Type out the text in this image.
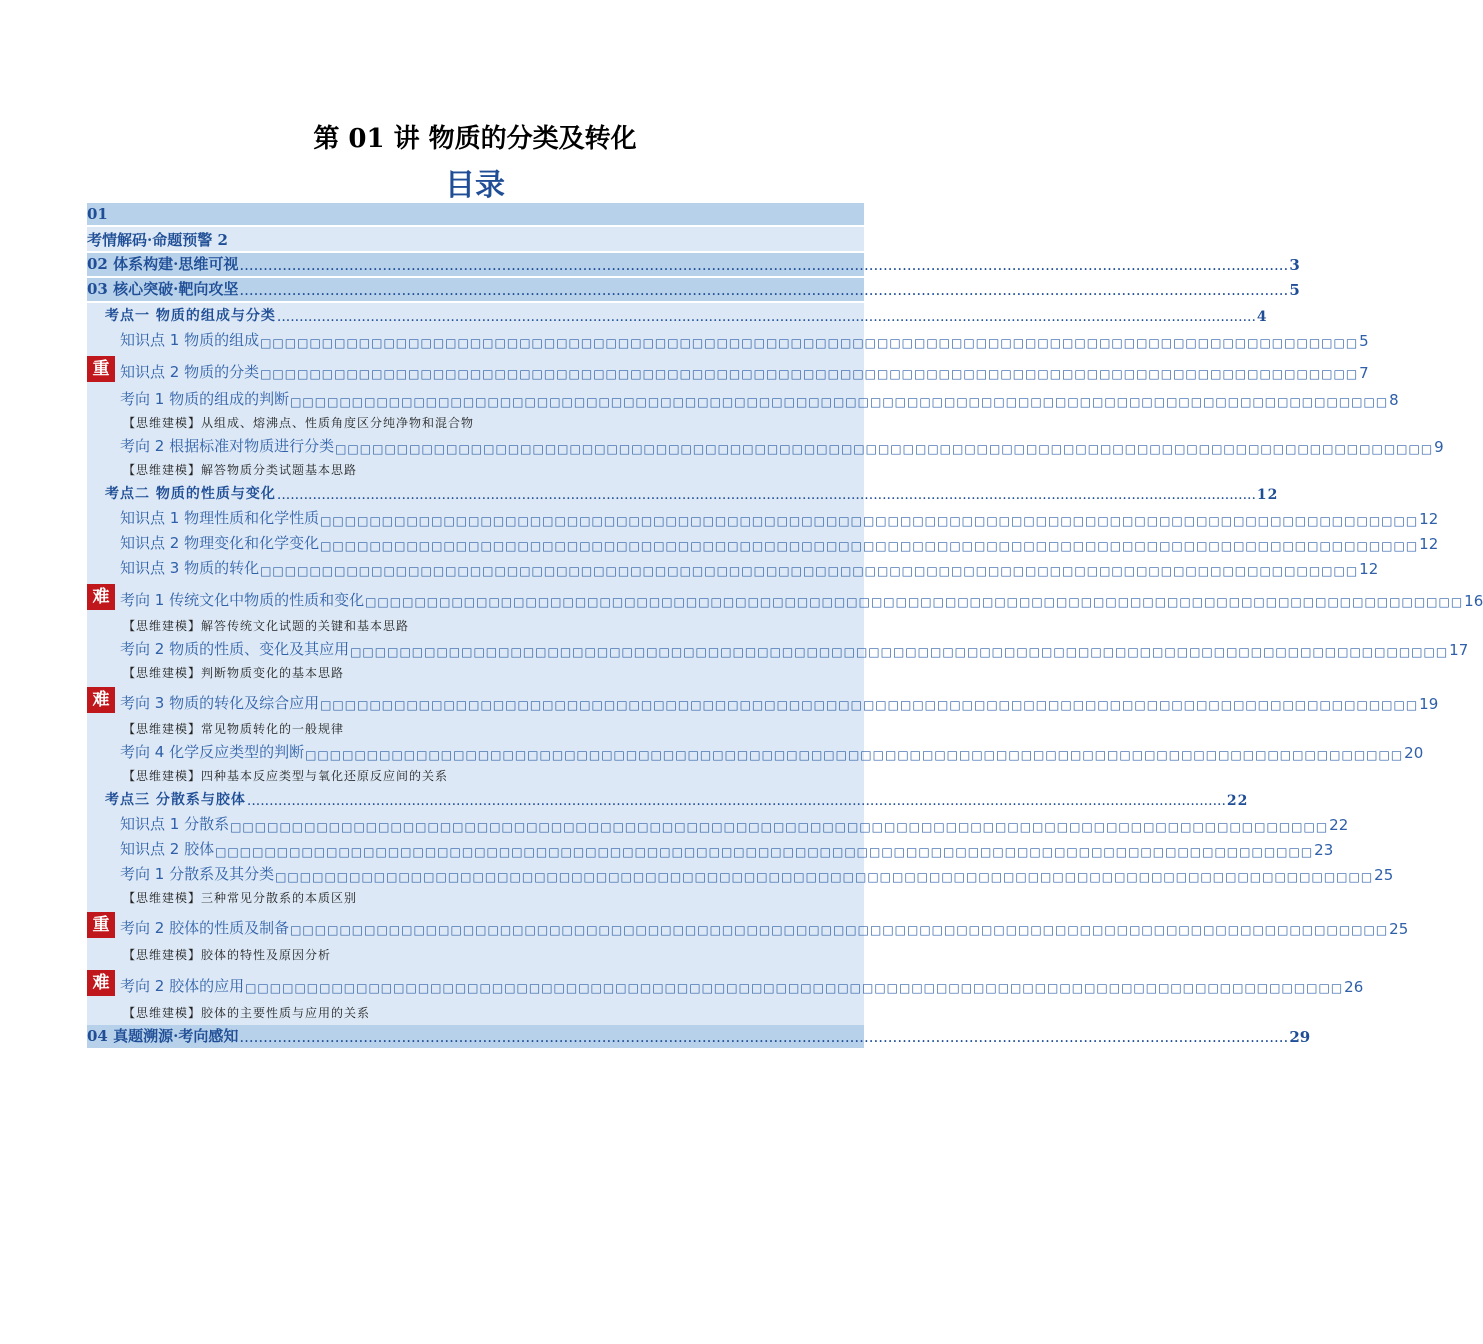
第 01 讲 物质的分类及转化
目录
01
考情解码·命题预警 2
02 体系构建·思维可视 ............................................................................................................................................................................................................................ 3
03 核心突破·靶向攻坚 ............................................................................................................................................................................................................................ 5
考点一 物质的组成与分类 ............................................................................................................................................................................................................................ 4
知识点 1 物质的组成 □□□□□□□□□□□□□□□□□□□□□□□□□□□□□□□□□□□□□□□□□□□□□□□□□□□□□□□□□□□□□□□□□□□□□□□□□□□□□□□□□□□□□□□□□ 5
重 知识点 2 物质的分类 □□□□□□□□□□□□□□□□□□□□□□□□□□□□□□□□□□□□□□□□□□□□□□□□□□□□□□□□□□□□□□□□□□□□□□□□□□□□□□□□□□□□□□□□□ 7
考向 1 物质的组成的判断 □□□□□□□□□□□□□□□□□□□□□□□□□□□□□□□□□□□□□□□□□□□□□□□□□□□□□□□□□□□□□□□□□□□□□□□□□□□□□□□□□□□□□□□□□ 8
【思维建模】从组成、熔沸点、性质角度区分纯净物和混合物
考向 2 根据标准对物质进行分类 □□□□□□□□□□□□□□□□□□□□□□□□□□□□□□□□□□□□□□□□□□□□□□□□□□□□□□□□□□□□□□□□□□□□□□□□□□□□□□□□□□□□□□□□□ 9
【思维建模】解答物质分类试题基本思路
考点二 物质的性质与变化 ............................................................................................................................................................................................................................ 12
知识点 1 物理性质和化学性质 □□□□□□□□□□□□□□□□□□□□□□□□□□□□□□□□□□□□□□□□□□□□□□□□□□□□□□□□□□□□□□□□□□□□□□□□□□□□□□□□□□□□□□□□□ 12
知识点 2 物理变化和化学变化 □□□□□□□□□□□□□□□□□□□□□□□□□□□□□□□□□□□□□□□□□□□□□□□□□□□□□□□□□□□□□□□□□□□□□□□□□□□□□□□□□□□□□□□□□ 12
知识点 3 物质的转化 □□□□□□□□□□□□□□□□□□□□□□□□□□□□□□□□□□□□□□□□□□□□□□□□□□□□□□□□□□□□□□□□□□□□□□□□□□□□□□□□□□□□□□□□□ 12
难 考向 1 传统文化中物质的性质和变化 □□□□□□□□□□□□□□□□□□□□□□□□□□□□□□□□□□□□□□□□□□□□□□□□□□□□□□□□□□□□□□□□□□□□□□□□□□□□□□□□□□□□□□□□□ 16
【思维建模】解答传统文化试题的关键和基本思路
考向 2 物质的性质、变化及其应用 □□□□□□□□□□□□□□□□□□□□□□□□□□□□□□□□□□□□□□□□□□□□□□□□□□□□□□□□□□□□□□□□□□□□□□□□□□□□□□□□□□□□□□□□□ 17
【思维建模】判断物质变化的基本思路
难 考向 3 物质的转化及综合应用 □□□□□□□□□□□□□□□□□□□□□□□□□□□□□□□□□□□□□□□□□□□□□□□□□□□□□□□□□□□□□□□□□□□□□□□□□□□□□□□□□□□□□□□□□ 19
【思维建模】常见物质转化的一般规律
考向 4 化学反应类型的判断 □□□□□□□□□□□□□□□□□□□□□□□□□□□□□□□□□□□□□□□□□□□□□□□□□□□□□□□□□□□□□□□□□□□□□□□□□□□□□□□□□□□□□□□□□ 20
【思维建模】四种基本反应类型与氧化还原反应间的关系
考点三 分散系与胶体 ............................................................................................................................................................................................................................ 22
知识点 1 分散系 □□□□□□□□□□□□□□□□□□□□□□□□□□□□□□□□□□□□□□□□□□□□□□□□□□□□□□□□□□□□□□□□□□□□□□□□□□□□□□□□□□□□□□□□□ 22
知识点 2 胶体 □□□□□□□□□□□□□□□□□□□□□□□□□□□□□□□□□□□□□□□□□□□□□□□□□□□□□□□□□□□□□□□□□□□□□□□□□□□□□□□□□□□□□□□□□ 23
考向 1 分散系及其分类 □□□□□□□□□□□□□□□□□□□□□□□□□□□□□□□□□□□□□□□□□□□□□□□□□□□□□□□□□□□□□□□□□□□□□□□□□□□□□□□□□□□□□□□□□ 25
【思维建模】三种常见分散系的本质区别
重 考向 2 胶体的性质及制备 □□□□□□□□□□□□□□□□□□□□□□□□□□□□□□□□□□□□□□□□□□□□□□□□□□□□□□□□□□□□□□□□□□□□□□□□□□□□□□□□□□□□□□□□□ 25
【思维建模】胶体的特性及原因分析
难 考向 2 胶体的应用 □□□□□□□□□□□□□□□□□□□□□□□□□□□□□□□□□□□□□□□□□□□□□□□□□□□□□□□□□□□□□□□□□□□□□□□□□□□□□□□□□□□□□□□□□ 26
【思维建模】胶体的主要性质与应用的关系
04 真题溯源·考向感知 ............................................................................................................................................................................................................................ 29
